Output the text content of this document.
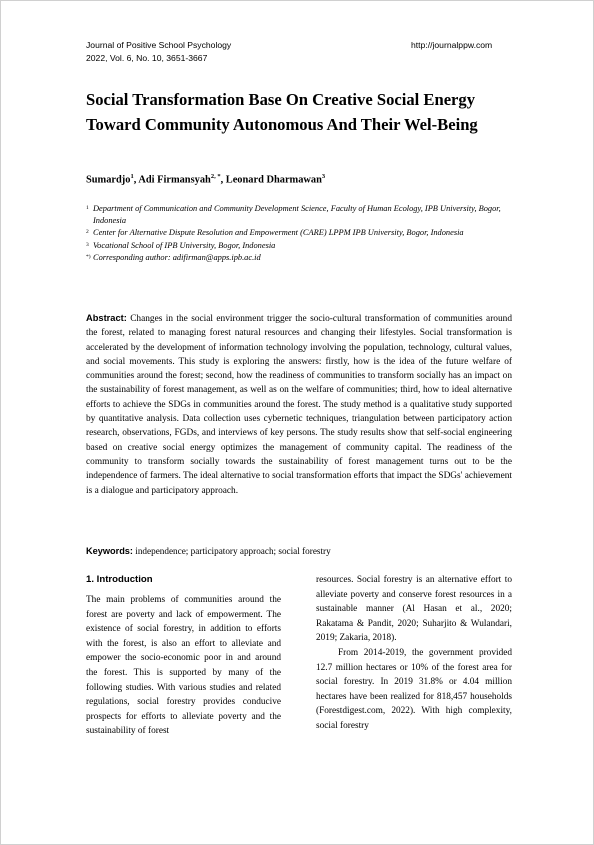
Journal of Positive School Psychology
2022, Vol. 6, No. 10, 3651-3667
http://journalppw.com
Social Transformation Base On Creative Social Energy Toward Community Autonomous And Their Wel-Being
Sumardjo$^1$, Adi Firmansyah$^{2, *}$, Leonard Dharmawan$^3$
1 Department of Communication and Community Development Science, Faculty of Human Ecology, IPB University, Bogor, Indonesia
2 Center for Alternative Dispute Resolution and Empowerment (CARE) LPPM IPB University, Bogor, Indonesia
3 Vocational School of IPB University, Bogor, Indonesia
*) Corresponding author: adifirman@apps.ipb.ac.id

Abstract: Changes in the social environment trigger the socio-cultural transformation of communities around the forest, related to managing forest natural resources and changing their lifestyles. Social transformation is accelerated by the development of information technology involving the population, technology, cultural values, and social movements. This study is exploring the answers: firstly, how is the idea of the future welfare of communities around the forest; second, how the readiness of communities to transform socially has an impact on the sustainability of forest management, as well as on the welfare of communities; third, how to ideal alternative efforts to achieve the SDGs in communities around the forest. The study method is a qualitative study supported by quantitative analysis. Data collection uses cybernetic techniques, triangulation between participatory action research, observations, FGDs, and interviews of key persons. The study results show that self-social engineering based on creative social energy optimizes the management of community capital. The readiness of the community to transform socially towards the sustainability of forest management turns out to be the independence of farmers. The ideal alternative to social transformation efforts that impact the SDGs' achievement is a dialogue and participatory approach.

Keywords: independence; participatory approach; social forestry
1. Introduction

The main problems of communities around the forest are poverty and lack of empowerment. The existence of social forestry, in addition to efforts with the forest, is also an effort to alleviate and empower the socio-economic poor in and around the forest. This is supported by many of the following studies. With various studies and related regulations, social forestry provides conducive prospects for efforts to alleviate poverty and the sustainability of forest

resources. Social forestry is an alternative effort to alleviate poverty and conserve forest resources in a sustainable manner (Al Hasan et al., 2020; Rakatama & Pandit, 2020; Suharjito & Wulandari, 2019; Zakaria, 2018).

From 2014-2019, the government provided 12.7 million hectares or 10% of the forest area for social forestry. In 2019 31.8% or 4.04 million hectares have been realized for 818,457 households (Forestdigest.com, 2022). With high complexity, social forestry
